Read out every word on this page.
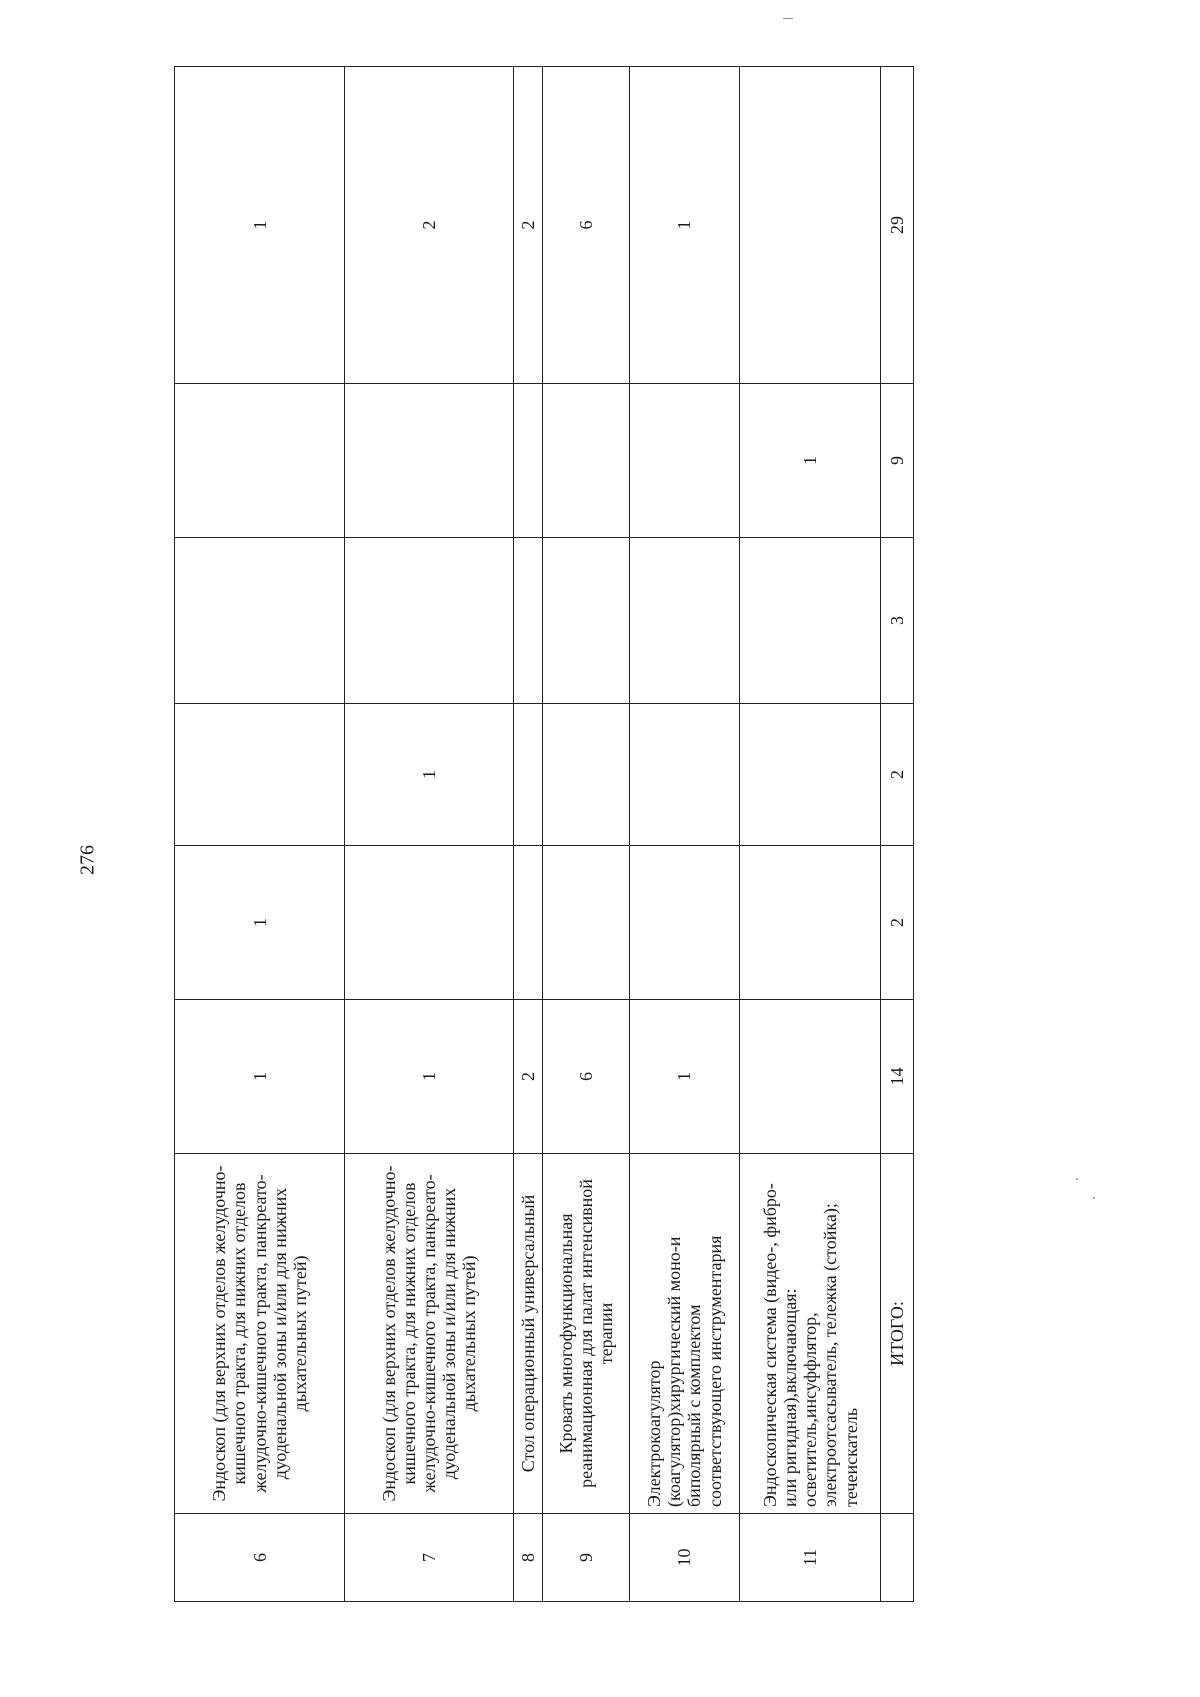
276
6	Эндоскоп (для верхних отделов желудочно-кишечного тракта, для нижних отделов желудочно-кишечного тракта, панкреато-дуоденальной зоны и/или для нижних дыхательных путей)	1	1				1
7	Эндоскоп (для верхних отделов желудочно-кишечного тракта, для нижних отделов желудочно-кишечного тракта, панкреато-дуоденальной зоны и/или для нижних дыхательных путей)	1		1			2
8	Стол операционный универсальный	2					2
9	Кровать многофункциональная реанимационная для палат интенсивной терапии	6					6
10	Электрокоагулятор (коагулятор)хирургический моно-и биполярный с комплектом соответствующего инструментария	1					1
11	Эндоскопическая система (видео-, фибро- или ригидная),включающая: осветитель,инсуффлятор, электроотсасыватель, тележка (стойка); течеискатель					1	
	ИТОГО:	14	2	2	3	9	29
